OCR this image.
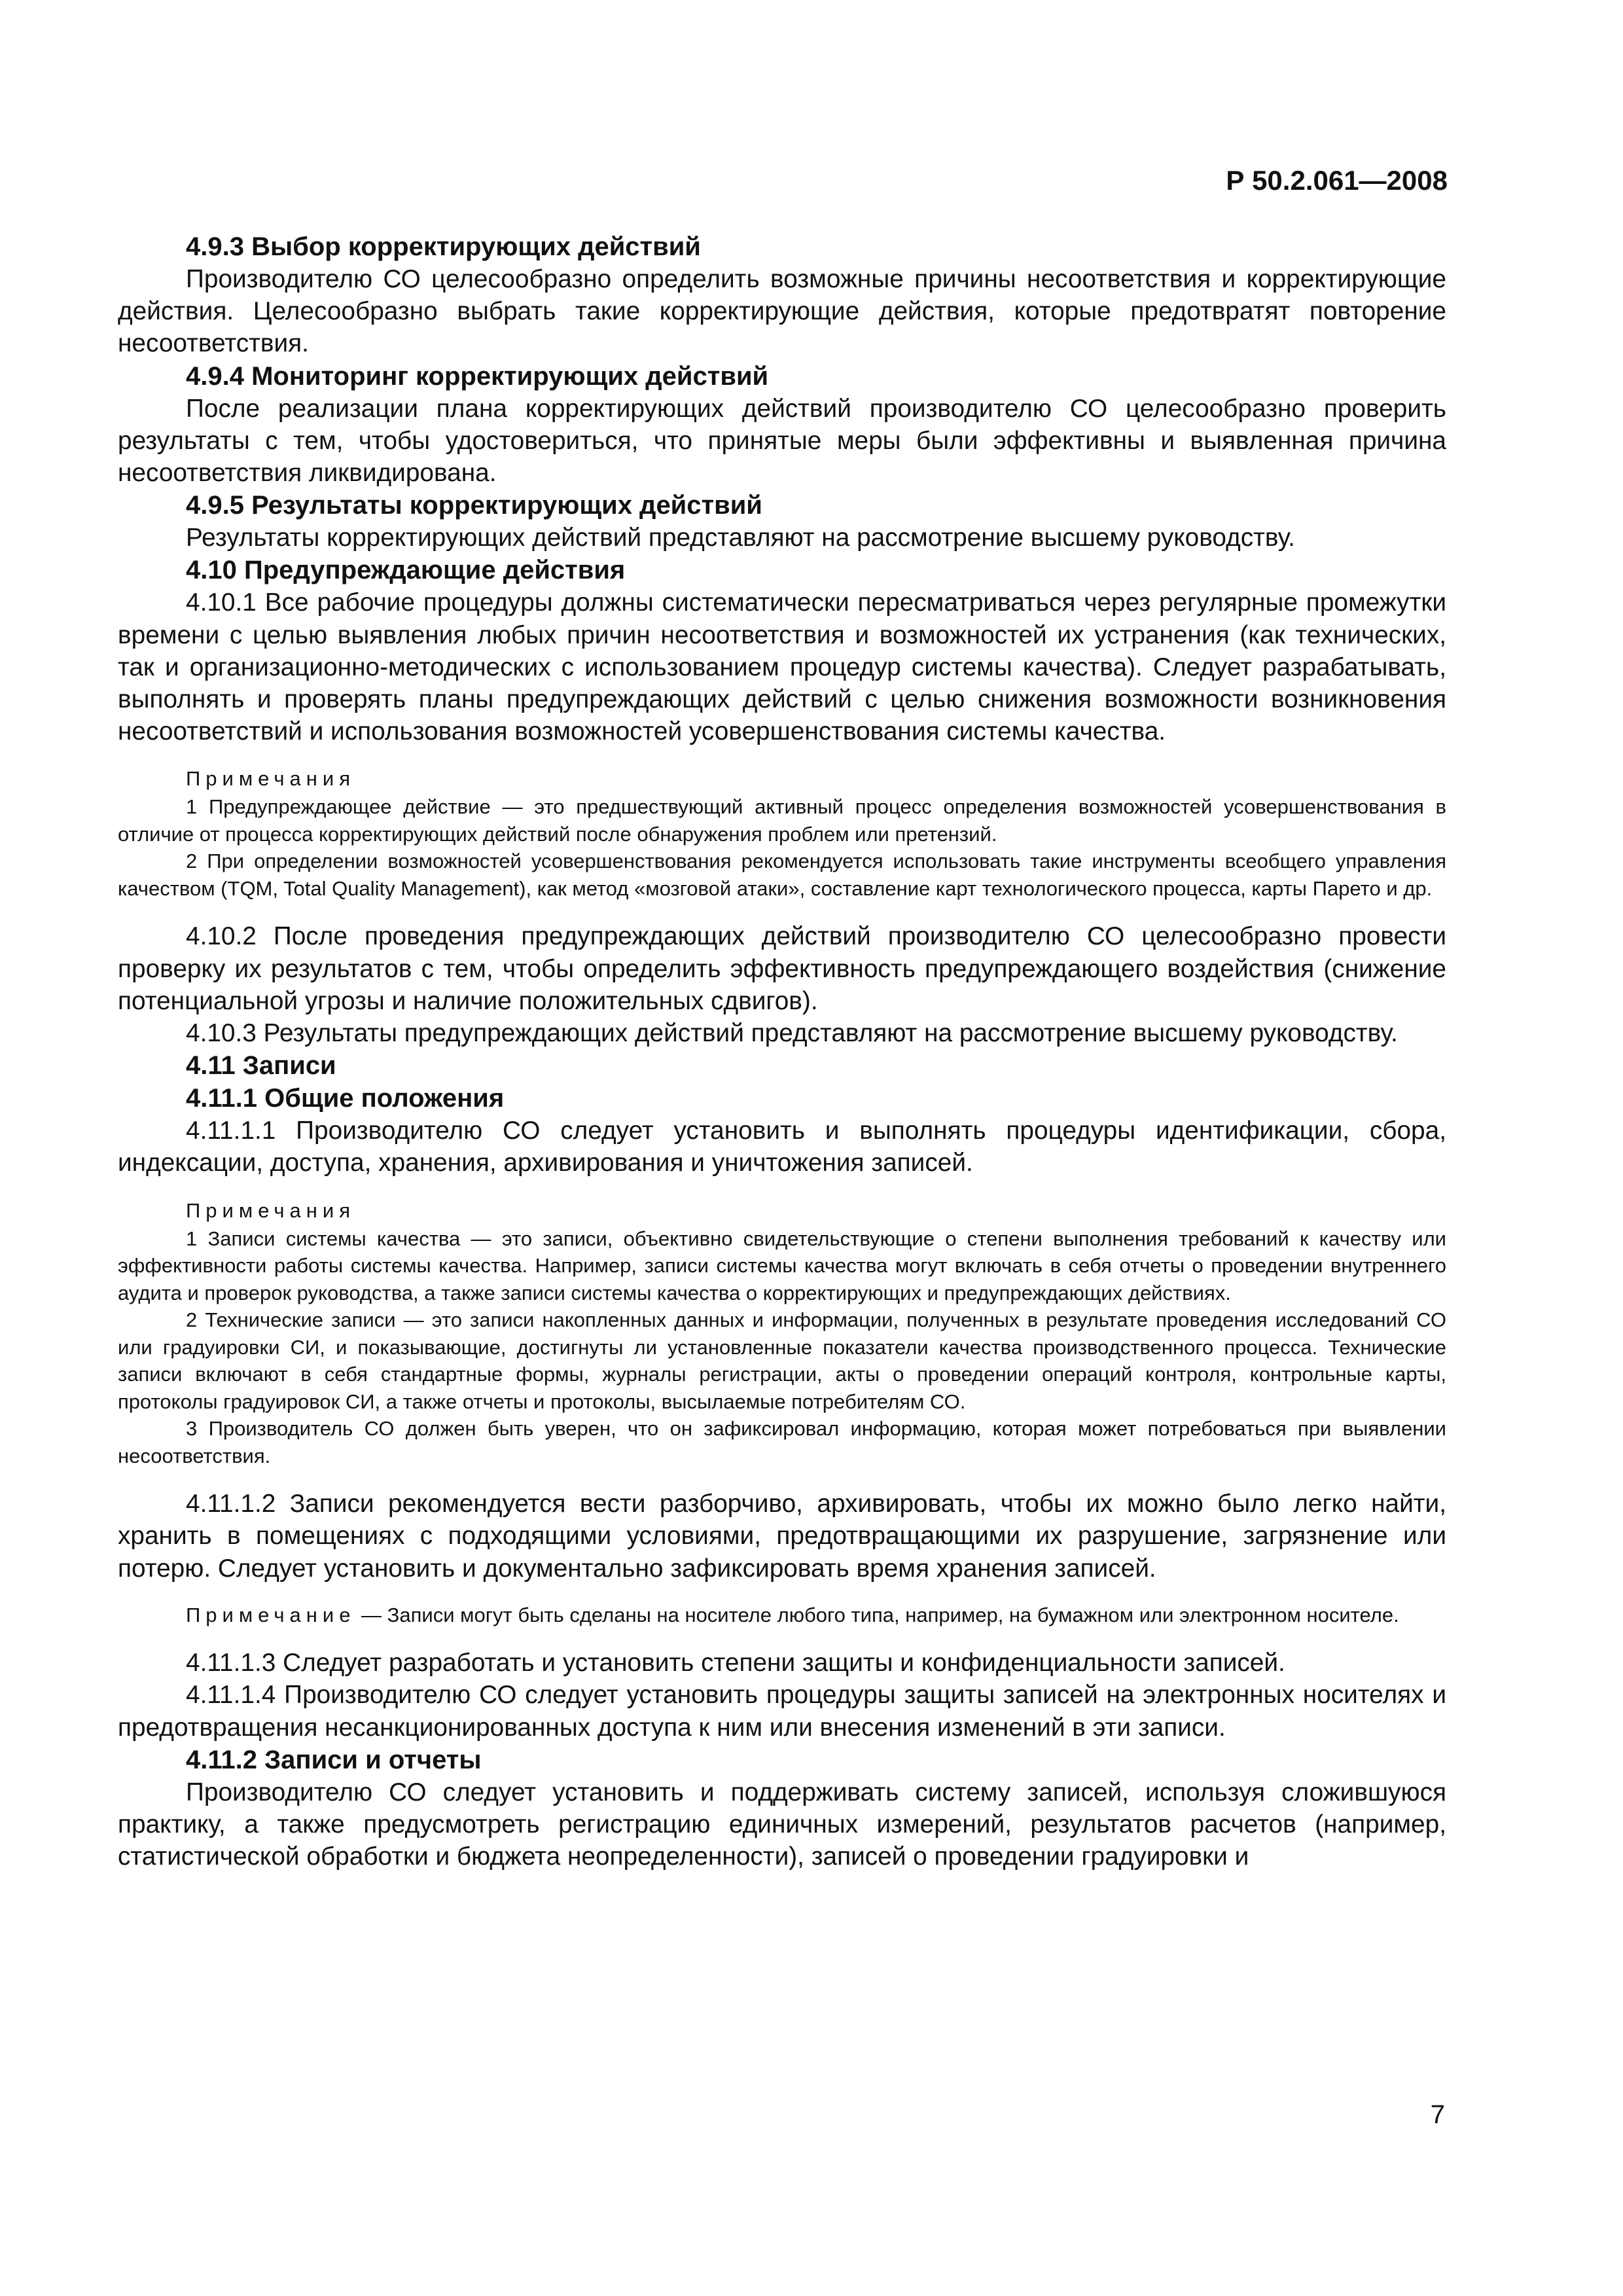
Р 50.2.061—2008

4.9.3 Выбор корректирующих действий

Производителю СО целесообразно определить возможные причины несоответствия и корректирующие действия. Целесообразно выбрать такие корректирующие действия, которые предотвратят повторение несоответствия.

4.9.4 Мониторинг корректирующих действий

После реализации плана корректирующих действий производителю СО целесообразно проверить результаты с тем, чтобы удостовериться, что принятые меры были эффективны и выявленная причина несоответствия ликвидирована.

4.9.5 Результаты корректирующих действий

Результаты корректирующих действий представляют на рассмотрение высшему руководству.

4.10 Предупреждающие действия

4.10.1 Все рабочие процедуры должны систематически пересматриваться через регулярные промежутки времени с целью выявления любых причин несоответствия и возможностей их устранения (как технических, так и организационно-методических с использованием процедур системы качества). Следует разрабатывать, выполнять и проверять планы предупреждающих действий с целью снижения возможности возникновения несоответствий и использования возможностей усовершенствования системы качества.

Примечания

1 Предупреждающее действие — это предшествующий активный процесс определения возможностей усовершенствования в отличие от процесса корректирующих действий после обнаружения проблем или претензий.

2 При определении возможностей усовершенствования рекомендуется использовать такие инструменты всеобщего управления качеством (TQM, Total Quality Management), как метод «мозговой атаки», составление карт технологического процесса, карты Парето и др.

4.10.2 После проведения предупреждающих действий производителю СО целесообразно провести проверку их результатов с тем, чтобы определить эффективность предупреждающего воздействия (снижение потенциальной угрозы и наличие положительных сдвигов).

4.10.3 Результаты предупреждающих действий представляют на рассмотрение высшему руководству.

4.11 Записи

4.11.1 Общие положения

4.11.1.1 Производителю СО следует установить и выполнять процедуры идентификации, сбора, индексации, доступа, хранения, архивирования и уничтожения записей.

Примечания

1 Записи системы качества — это записи, объективно свидетельствующие о степени выполнения требований к качеству или эффективности работы системы качества. Например, записи системы качества могут включать в себя отчеты о проведении внутреннего аудита и проверок руководства, а также записи системы качества о корректирующих и предупреждающих действиях.

2 Технические записи — это записи накопленных данных и информации, полученных в результате проведения исследований СО или градуировки СИ, и показывающие, достигнуты ли установленные показатели качества производственного процесса. Технические записи включают в себя стандартные формы, журналы регистрации, акты о проведении операций контроля, контрольные карты, протоколы градуировок СИ, а также отчеты и протоколы, высылаемые потребителям СО.

3 Производитель СО должен быть уверен, что он зафиксировал информацию, которая может потребоваться при выявлении несоответствия.

4.11.1.2 Записи рекомендуется вести разборчиво, архивировать, чтобы их можно было легко найти, хранить в помещениях с подходящими условиями, предотвращающими их разрушение, загрязнение или потерю. Следует установить и документально зафиксировать время хранения записей.

Примечание — Записи могут быть сделаны на носителе любого типа, например, на бумажном или электронном носителе.

4.11.1.3 Следует разработать и установить степени защиты и конфиденциальности записей.

4.11.1.4 Производителю СО следует установить процедуры защиты записей на электронных носителях и предотвращения несанкционированных доступа к ним или внесения изменений в эти записи.

4.11.2 Записи и отчеты

Производителю СО следует установить и поддерживать систему записей, используя сложившуюся практику, а также предусмотреть регистрацию единичных измерений, результатов расчетов (например, статистической обработки и бюджета неопределенности), записей о проведении градуировки и

7
